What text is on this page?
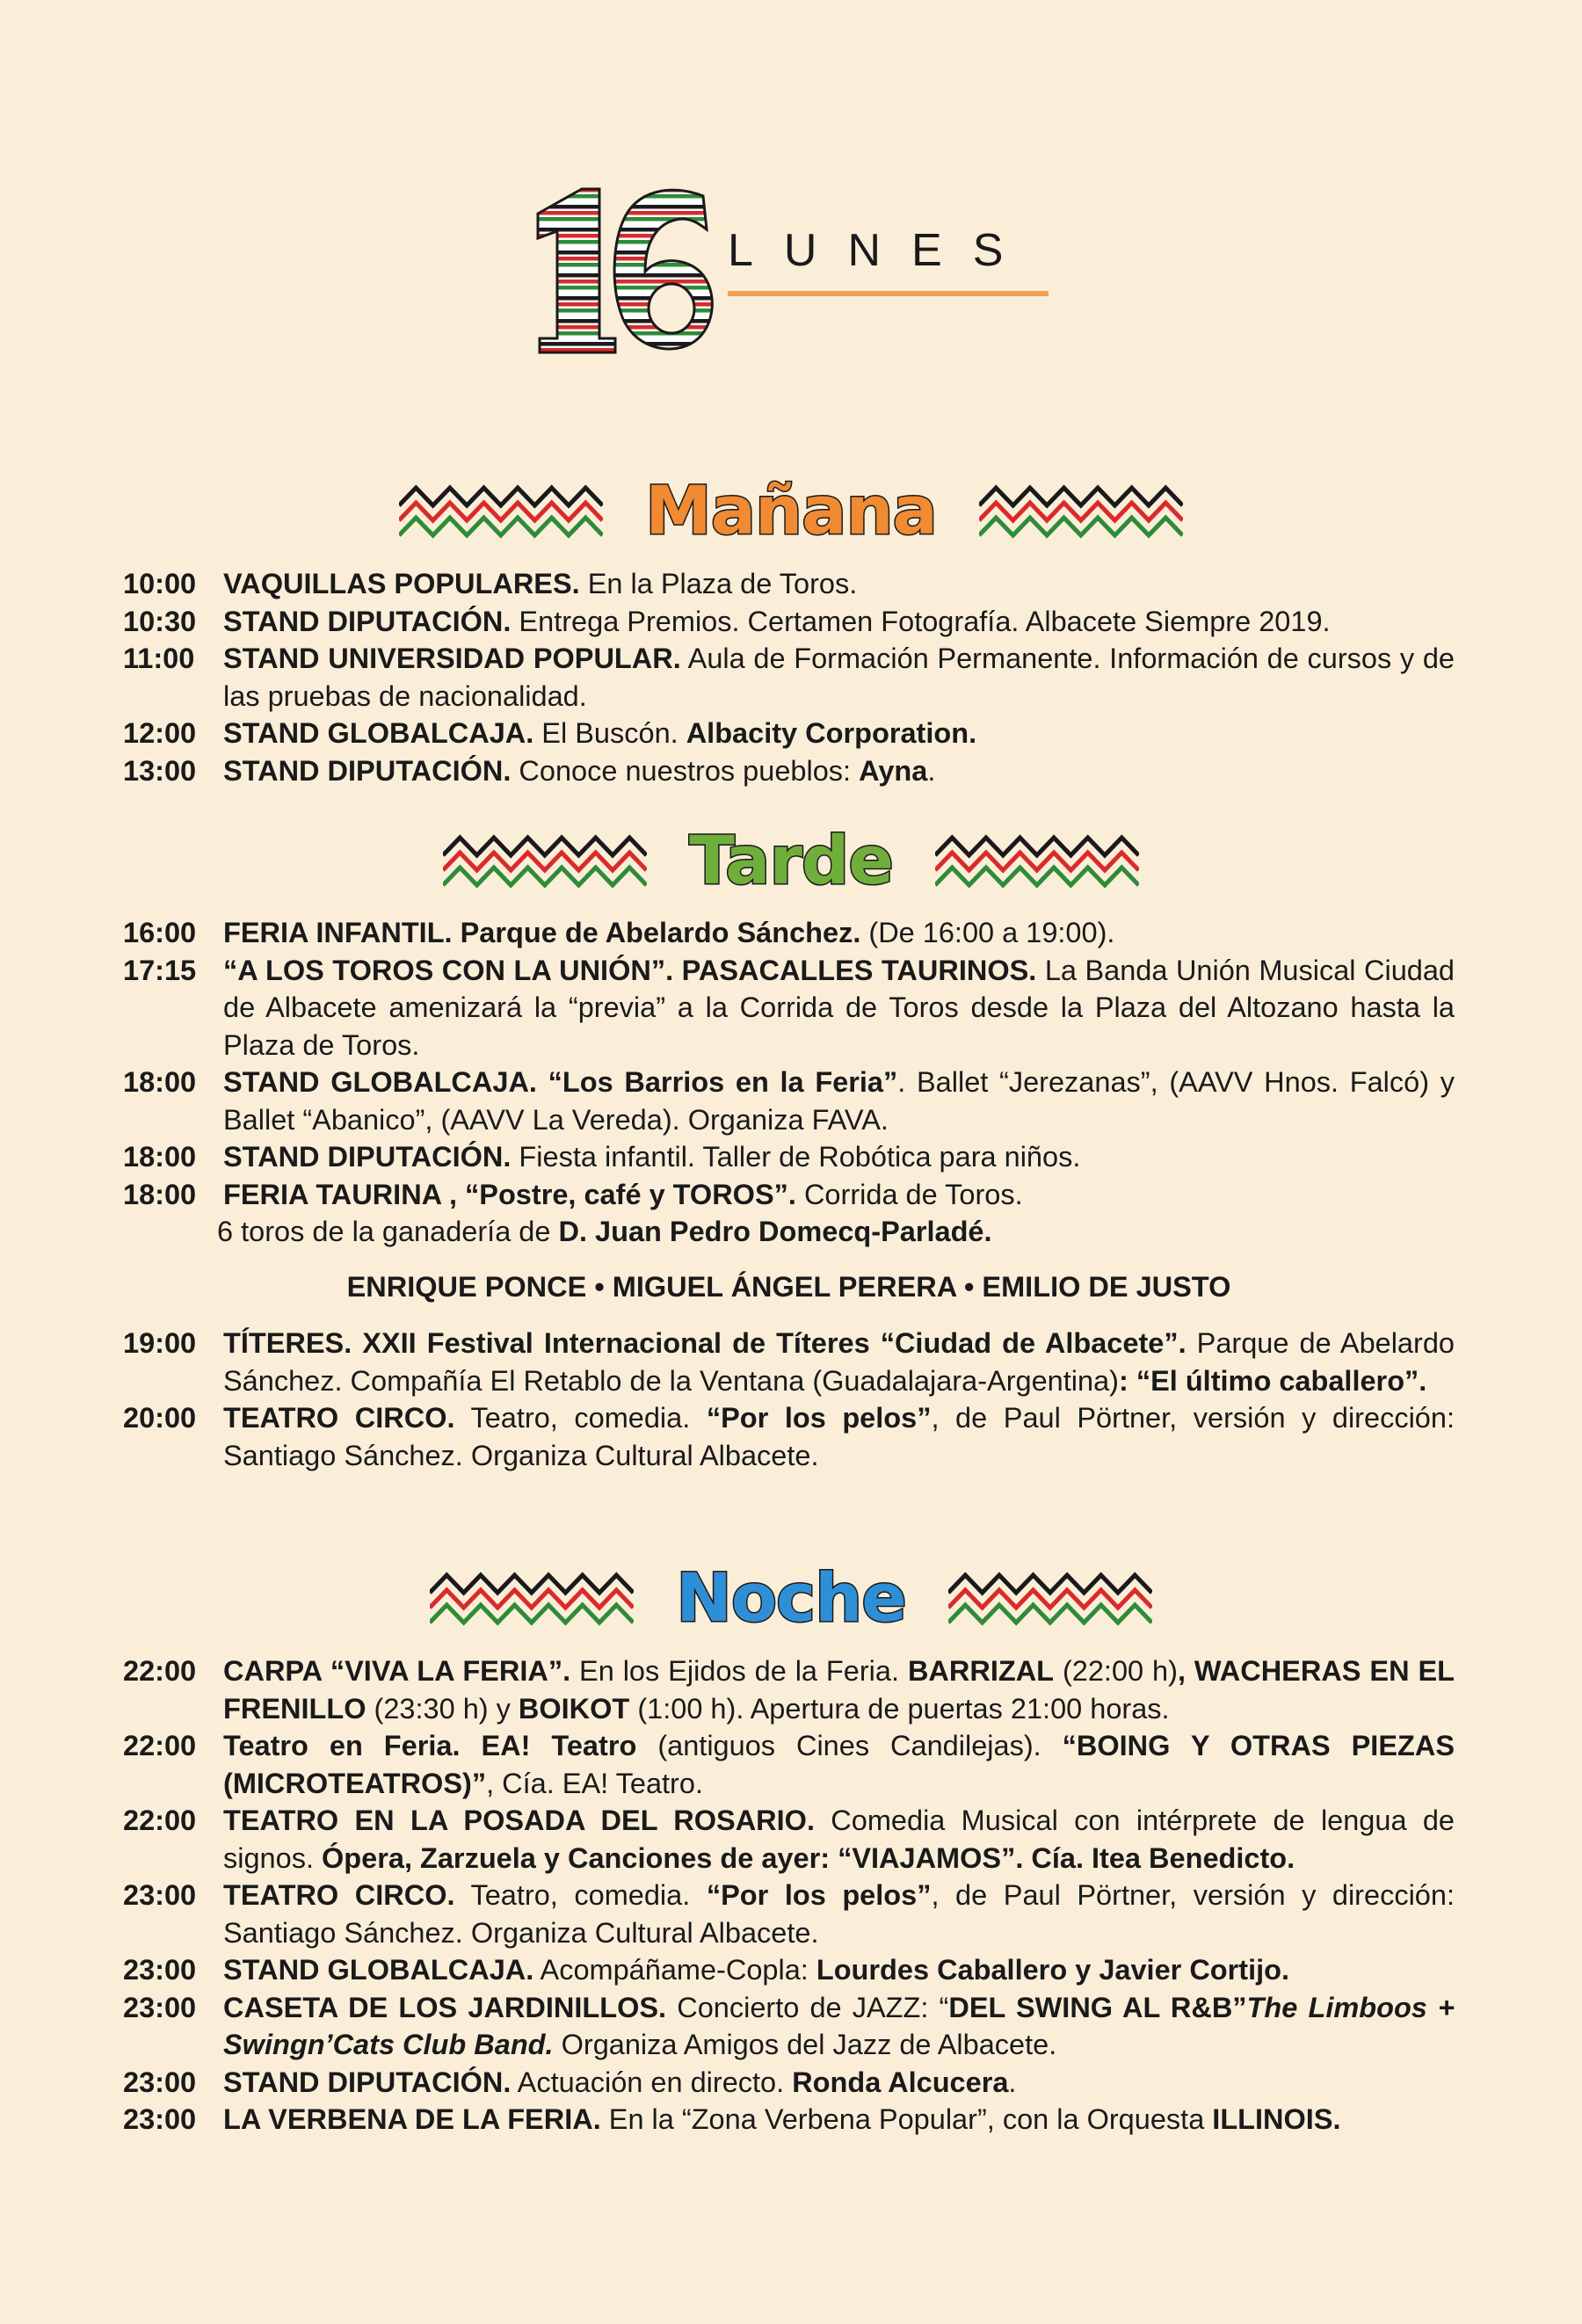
LUNES
Mañana
10:00 VAQUILLAS POPULARES. En la Plaza de Toros.
10:30 STAND DIPUTACIÓN. Entrega Premios. Certamen Fotografía. Albacete Siempre 2019.
11:00	STAND UNIVERSIDAD POPULAR. Aula de Formación Permanente. Información de cursos y de las pruebas de nacionalidad.
12:00 STAND GLOBALCAJA. El Buscón. Albacity Corporation.
13:00 STAND DIPUTACIÓN. Conoce nuestros pueblos: Ayna.
Tarde
16:00 FERIA INFANTIL. Parque de Abelardo Sánchez. (De 16:00 a 19:00).
17:15 “A LOS TOROS CON LA UNIÓN”. PASACALLES TAURINOS. La Banda Unión Musical Ciudad de Albacete amenizará la “previa” a la Corrida de Toros desde la Plaza del Altozano hasta la Plaza de Toros.
18:00 STAND GLOBALCAJA. “Los Barrios en la Feria”. Ballet “Jerezanas”, (AAVV Hnos. Falcó) y Ballet “Abanico”, (AAVV La Vereda). Organiza FAVA.
18:00 STAND DIPUTACIÓN. Fiesta infantil. Taller de Robótica para niños.
18:00 FERIA TAURINA , “Postre, café y TOROS”. Corrida de Toros.
6 toros de la ganadería de D. Juan Pedro Domecq-Parladé.
ENRIQUE PONCE • MIGUEL ÁNGEL PERERA • EMILIO DE JUSTO
19:00 TÍTERES. XXII Festival Internacional de Títeres “Ciudad de Albacete”. Parque de Abelardo Sánchez. Compañía El Retablo de la Ventana (Guadalajara-Argentina): “El último caballero”.
20:00 TEATRO CIRCO. Teatro, comedia. “Por los pelos”, de Paul Pörtner, versión y dirección: Santiago Sánchez. Organiza Cultural Albacete.
Noche
22:00 CARPA “VIVA LA FERIA”. En los Ejidos de la Feria. BARRIZAL (22:00 h), WACHERAS EN EL FRENILLO (23:30 h) y BOIKOT (1:00 h). Apertura de puertas 21:00 horas.
22:00 Teatro en Feria. EA! Teatro (antiguos Cines Candilejas). “BOING Y OTRAS PIEZAS (MICROTEATROS)”, Cía. EA! Teatro.
22:00 TEATRO EN LA POSADA DEL ROSARIO. Comedia Musical con intérprete de lengua de signos. Ópera, Zarzuela y Canciones de ayer: “VIAJAMOS”. Cía. Itea Benedicto.
23:00 TEATRO CIRCO. Teatro, comedia. “Por los pelos”, de Paul Pörtner, versión y dirección: Santiago Sánchez. Organiza Cultural Albacete.
23:00 STAND GLOBALCAJA. Acompáñame-Copla: Lourdes Caballero y Javier Cortijo.
23:00 CASETA DE LOS JARDINILLOS. Concierto de JAZZ: “DEL SWING AL R&B”The Limboos + Swingn’Cats Club Band. Organiza Amigos del Jazz de Albacete.
23:00 STAND DIPUTACIÓN. Actuación en directo. Ronda Alcucera.
23:00 LA VERBENA DE LA FERIA. En la “Zona Verbena Popular”, con la Orquesta ILLINOIS.
